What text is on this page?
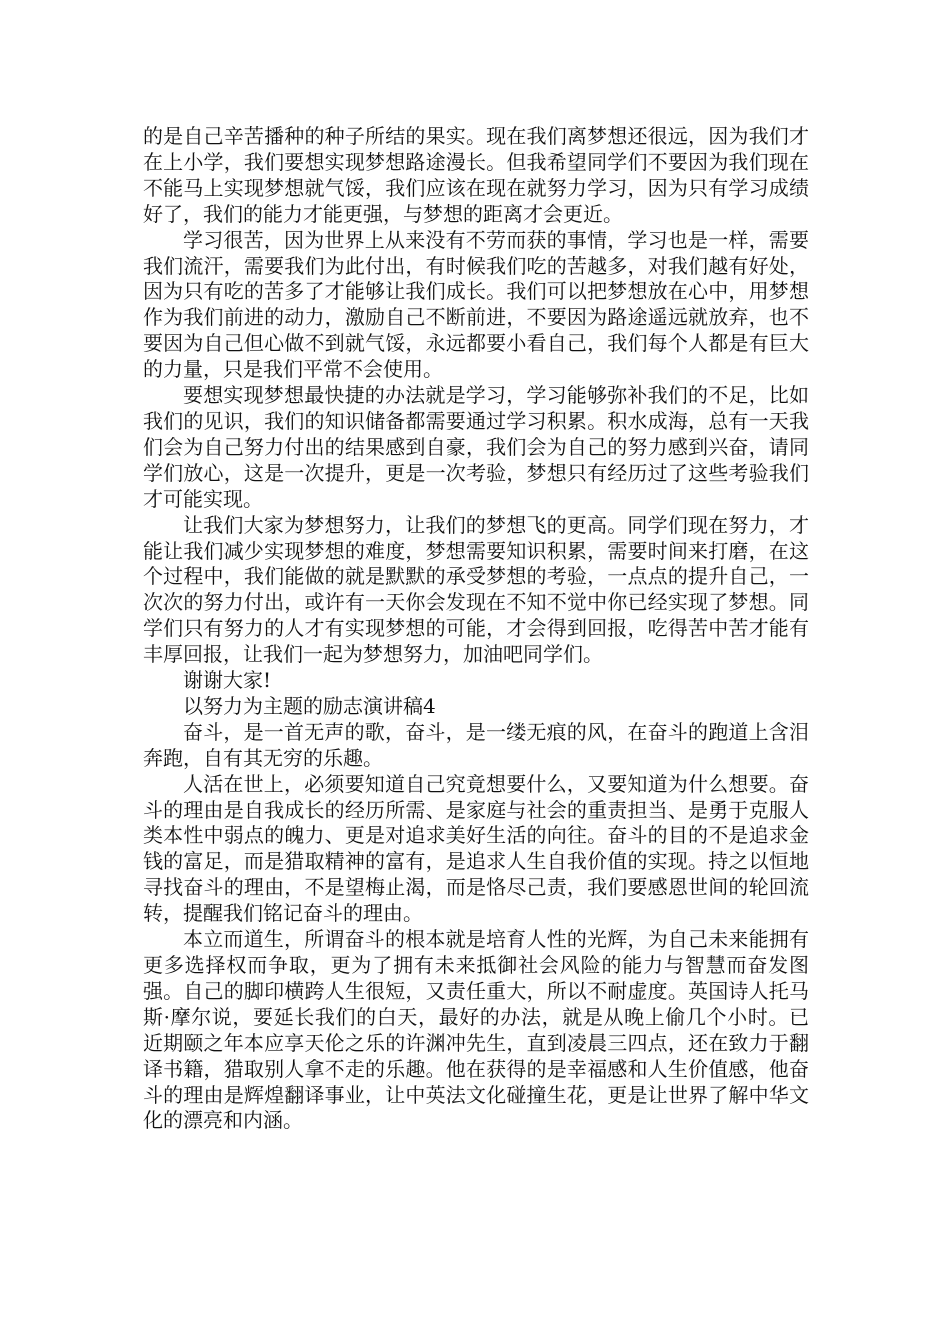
的是自己辛苦播种的种子所结的果实。现在我们离梦想还很远，因为我们才在上小学，我们要想实现梦想路途漫长。但我希望同学们不要因为我们现在不能马上实现梦想就气馁，我们应该在现在就努力学习，因为只有学习成绩好了，我们的能力才能更强，与梦想的距离才会更近。

学习很苦，因为世界上从来没有不劳而获的事情，学习也是一样，需要我们流汗，需要我们为此付出，有时候我们吃的苦越多，对我们越有好处，因为只有吃的苦多了才能够让我们成长。我们可以把梦想放在心中，用梦想作为我们前进的动力，激励自己不断前进，不要因为路途遥远就放弃，也不要因为自己但心做不到就气馁，永远都要小看自己，我们每个人都是有巨大的力量，只是我们平常不会使用。

要想实现梦想最快捷的办法就是学习，学习能够弥补我们的不足，比如我们的见识，我们的知识储备都需要通过学习积累。积水成海，总有一天我们会为自己努力付出的结果感到自豪，我们会为自己的努力感到兴奋，请同学们放心，这是一次提升，更是一次考验，梦想只有经历过了这些考验我们才可能实现。

让我们大家为梦想努力，让我们的梦想飞的更高。同学们现在努力，才能让我们减少实现梦想的难度，梦想需要知识积累，需要时间来打磨，在这个过程中，我们能做的就是默默的承受梦想的考验，一点点的提升自己，一次次的努力付出，或许有一天你会发现在不知不觉中你已经实现了梦想。同学们只有努力的人才有实现梦想的可能，才会得到回报，吃得苦中苦才能有丰厚回报，让我们一起为梦想努力，加油吧同学们。

谢谢大家!

以努力为主题的励志演讲稿4

奋斗，是一首无声的歌，奋斗，是一缕无痕的风，在奋斗的跑道上含泪奔跑，自有其无穷的乐趣。

人活在世上，必须要知道自己究竟想要什么，又要知道为什么想要。奋斗的理由是自我成长的经历所需、是家庭与社会的重责担当、是勇于克服人类本性中弱点的魄力、更是对追求美好生活的向往。奋斗的目的不是追求金钱的富足，而是猎取精神的富有，是追求人生自我价值的实现。持之以恒地寻找奋斗的理由，不是望梅止渴，而是恪尽己责，我们要感恩世间的轮回流转，提醒我们铭记奋斗的理由。

本立而道生，所谓奋斗的根本就是培育人性的光辉，为自己未来能拥有更多选择权而争取，更为了拥有未来抵御社会风险的能力与智慧而奋发图强。自己的脚印横跨人生很短，又责任重大，所以不耐虚度。英国诗人托马斯·摩尔说，要延长我们的白天，最好的办法，就是从晚上偷几个小时。已近期颐之年本应享天伦之乐的许渊冲先生，直到凌晨三四点，还在致力于翻译书籍，猎取别人拿不走的乐趣。他在获得的是幸福感和人生价值感，他奋斗的理由是辉煌翻译事业，让中英法文化碰撞生花，更是让世界了解中华文化的漂亮和内涵。
